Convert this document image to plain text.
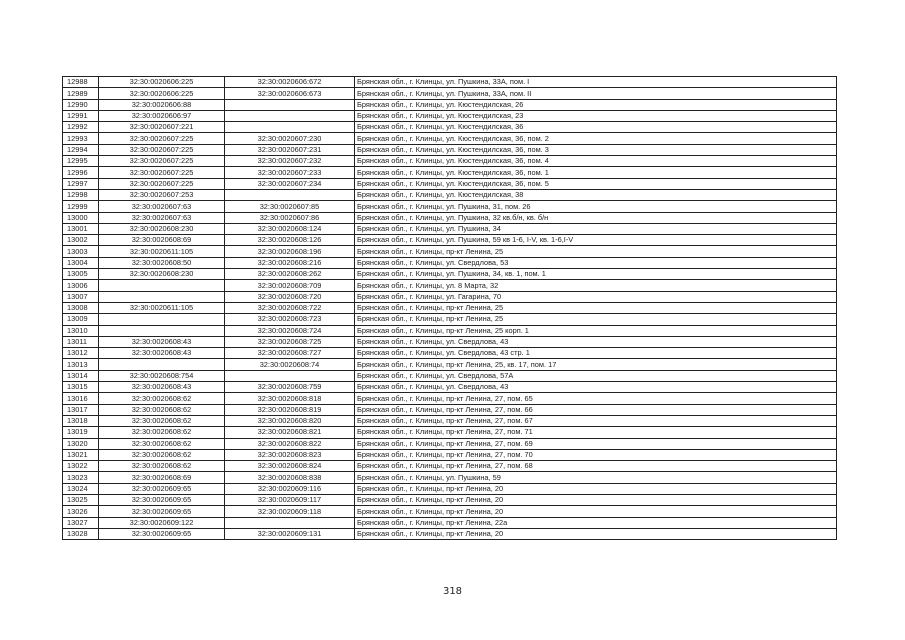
12988	32:30:0020606:225	32:30:0020606:672	Брянская обл., г. Клинцы, ул. Пушкина, 33А, пом. I
12989	32:30:0020606:225	32:30:0020606:673	Брянская обл., г. Клинцы, ул. Пушкина, 33А, пом. II
12990	32:30:0020606:88		Брянская обл., г. Клинцы, ул. Кюстендилская, 26
12991	32:30:0020606:97		Брянская обл., г. Клинцы, ул. Кюстендилская, 23
12992	32:30:0020607:221		Брянская обл., г. Клинцы, ул. Кюстендилская, 36
12993	32:30:0020607:225	32:30:0020607:230	Брянская обл., г. Клинцы, ул. Кюстендилская, 36, пом. 2
12994	32:30:0020607:225	32:30:0020607:231	Брянская обл., г. Клинцы, ул. Кюстендилская, 36, пом. 3
12995	32:30:0020607:225	32:30:0020607:232	Брянская обл., г. Клинцы, ул. Кюстендилская, 36, пом. 4
12996	32:30:0020607:225	32:30:0020607:233	Брянская обл., г. Клинцы, ул. Кюстендилская, 36, пом. 1
12997	32:30:0020607:225	32:30:0020607:234	Брянская обл., г. Клинцы, ул. Кюстендилская, 36, пом. 5
12998	32:30:0020607:253		Брянская обл., г. Клинцы, ул. Кюстендилская, 38
12999	32:30:0020607:63	32:30:0020607:85	Брянская обл., г. Клинцы, ул. Пушкина, 31, пом. 26
13000	32:30:0020607:63	32:30:0020607:86	Брянская обл., г. Клинцы, ул. Пушкина, 32 кв.б/н, кв. б/н
13001	32:30:0020608:230	32:30:0020608:124	Брянская обл., г. Клинцы, ул. Пушкина, 34
13002	32:30:0020608:69	32:30:0020608:126	Брянская обл., г. Клинцы, ул. Пушкина, 59 кв 1-6, I-V, кв. 1-6,I-V
13003	32:30:0020611:105	32:30:0020608:196	Брянская обл., г. Клинцы, пр-кт Ленина, 25
13004	32:30:0020608:50	32:30:0020608:216	Брянская обл., г. Клинцы, ул. Свердлова, 53
13005	32:30:0020608:230	32:30:0020608:262	Брянская обл., г. Клинцы, ул. Пушкина, 34, кв. 1, пом. 1
13006		32:30:0020608:709	Брянская обл., г. Клинцы, ул. 8 Марта, 32
13007		32:30:0020608:720	Брянская обл., г. Клинцы, ул. Гагарина, 70
13008	32:30:0020611:105	32:30:0020608:722	Брянская обл., г. Клинцы, пр-кт Ленина, 25
13009		32:30:0020608:723	Брянская обл., г. Клинцы, пр-кт Ленина, 25
13010		32:30:0020608:724	Брянская обл., г. Клинцы, пр-кт Ленина, 25 корп. 1
13011	32:30:0020608:43	32:30:0020608:725	Брянская обл., г. Клинцы, ул. Свердлова, 43
13012	32:30:0020608:43	32:30:0020608:727	Брянская обл., г. Клинцы, ул. Свердлова, 43 стр. 1
13013		32:30:0020608:74	Брянская обл., г. Клинцы, пр-кт Ленина, 25, кв. 17, пом. 17
13014	32:30:0020608:754		Брянская обл., г. Клинцы, ул. Свердлова, 57А
13015	32:30:0020608:43	32:30:0020608:759	Брянская обл., г. Клинцы, ул. Свердлова, 43
13016	32:30:0020608:62	32:30:0020608:818	Брянская обл., г. Клинцы, пр-кт Ленина, 27, пом. 65
13017	32:30:0020608:62	32:30:0020608:819	Брянская обл., г. Клинцы, пр-кт Ленина, 27, пом. 66
13018	32:30:0020608:62	32:30:0020608:820	Брянская обл., г. Клинцы, пр-кт Ленина, 27, пом. 67
13019	32:30:0020608:62	32:30:0020608:821	Брянская обл., г. Клинцы, пр-кт Ленина, 27, пом. 71
13020	32:30:0020608:62	32:30:0020608:822	Брянская обл., г. Клинцы, пр-кт Ленина, 27, пом. 69
13021	32:30:0020608:62	32:30:0020608:823	Брянская обл., г. Клинцы, пр-кт Ленина, 27, пом. 70
13022	32:30:0020608:62	32:30:0020608:824	Брянская обл., г. Клинцы, пр-кт Ленина, 27, пом. 68
13023	32:30:0020608:69	32:30:0020608:838	Брянская обл., г. Клинцы, ул. Пушкина, 59
13024	32:30:0020609:65	32:30:0020609:116	Брянская обл., г. Клинцы, пр-кт Ленина, 20
13025	32:30:0020609:65	32:30:0020609:117	Брянская обл., г. Клинцы, пр-кт Ленина, 20
13026	32:30:0020609:65	32:30:0020609:118	Брянская обл., г. Клинцы, пр-кт Ленина, 20
13027	32:30:0020609:122		Брянская обл., г. Клинцы, пр-кт Ленина, 22а
13028	32:30:0020609:65	32:30:0020609:131	Брянская обл., г. Клинцы, пр-кт Ленина, 20
318
